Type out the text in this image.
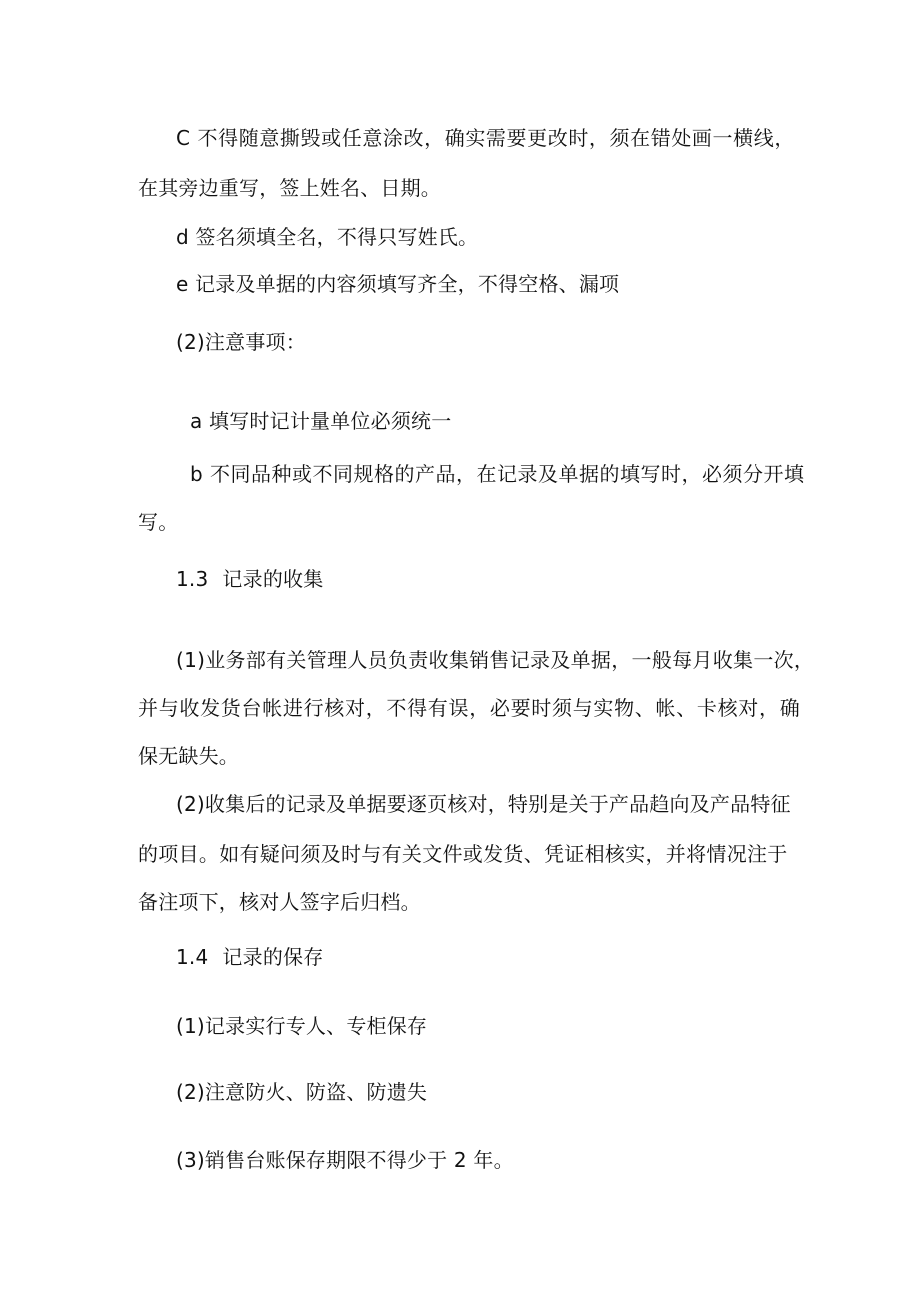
C 不得随意撕毁或任意涂改，确实需要更改时，须在错处画一横线，
在其旁边重写，签上姓名、日期。
d 签名须填全名，不得只写姓氏。
e 记录及单据的内容须填写齐全，不得空格、漏项
(2)注意事项：
a 填写时记计量单位必须统一
b 不同品种或不同规格的产品，在记录及单据的填写时，必须分开填
写。
1.3 记录的收集
(1)业务部有关管理人员负责收集销售记录及单据，一般每月收集一次，
并与收发货台帐进行核对，不得有误，必要时须与实物、帐、卡核对，确
保无缺失。
(2)收集后的记录及单据要逐页核对，特别是关于产品趋向及产品特征
的项目。如有疑问须及时与有关文件或发货、凭证相核实，并将情况注于
备注项下，核对人签字后归档。
1.4 记录的保存
(1)记录实行专人、专柜保存
(2)注意防火、防盗、防遗失
(3)销售台账保存期限不得少于 2 年。
